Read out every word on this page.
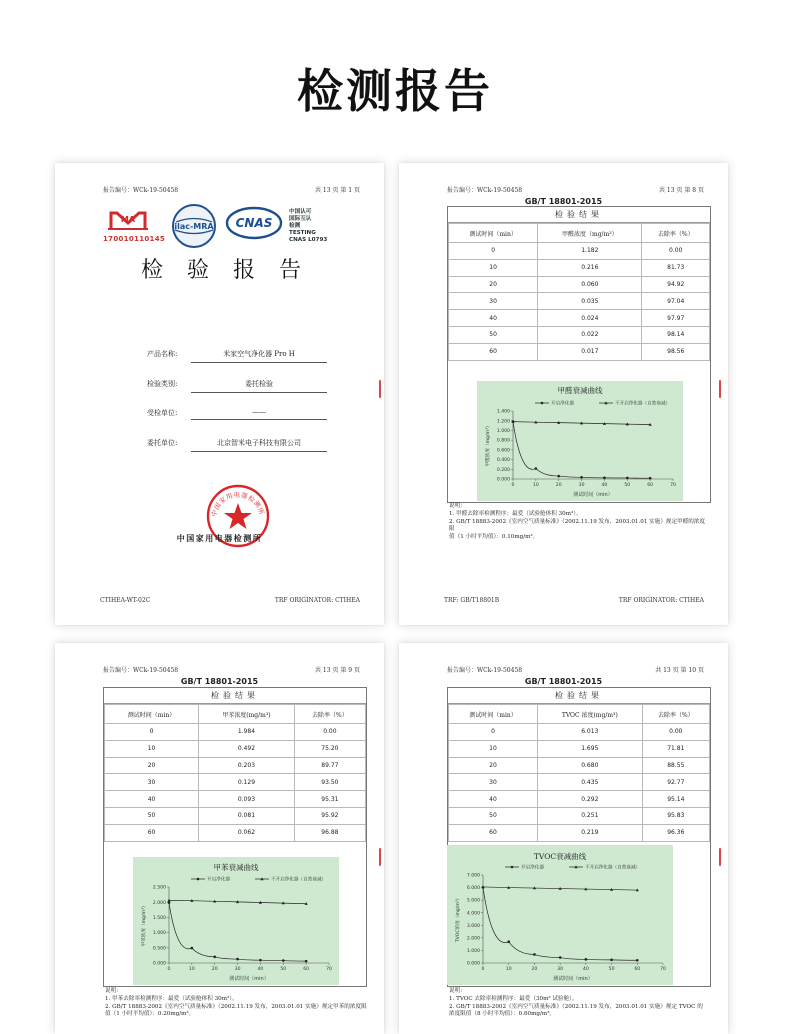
检测报告
报告编号：WCk-19-50458	共 13 页 第 1 页
MA
170010110145
ilac-MRA CNAS
中国认可
国际互认
检测
TESTING
CNAS L0793
检验报告
产品名称:	米家空气净化器 Pro H
检验类别:	委托检验
受检单位:	——
委托单位:	北京智米电子科技有限公司
中国家用电器检测所
中国家用电器检测所
CTIHEA-WT-02C	TRF ORIGINATOR: CTIHEA
报告编号：WCk-19-50458	共 13 页 第 8 页
GB/T 18801-2015
检验结果
测试时间（min）	甲醛浓度（mg/m³）	去除率（%）
0	1.182	0.00
10	0.216	81.73
20	0.060	94.92
30	0.035	97.04
40	0.024	97.97
50	0.022	98.14
60	0.017	98.56
甲醛衰减曲线
0.000
0.200
0.400
0.600
0.800
1.000
1.200
1.400
0	10	20	30	40	50	60	70
测试时间（min）
甲醛浓度（mg/m³）
开启净化器	不开启净化器（自然衰减）
说明：
1. 甲醛去除率检测程序：最爱（试验舱体积 30m³）。
2. GB/T 18883-2002《室内空气质量标准》（2002.11.19 发布，2003.01.01 实施）规定甲醛的浓度限
值（1 小时平均值）：0.10mg/m³。
TRF: GB/T18801B	TRF ORIGINATOR: CTIHEA
报告编号：WCk-19-50458	共 13 页 第 9 页
GB/T 18801-2015
检验结果
测试时间（min）	甲苯浓度(mg/m³)	去除率（%）
0	1.984	0.00
10	0.492	75.20
20	0.203	89.77
30	0.129	93.50
40	0.093	95.31
50	0.081	95.92
60	0.062	96.88
甲苯衰减曲线
0.000
0.500
1.000
1.500
2.000
2.500
0	10	20	30	40	50	60	70
测试时间（min）
甲苯浓度（mg/m³）
开启净化器	不开启净化器（自然衰减）
说明：
1. 甲苯去除率检测程序：最爱（试验舱体积 30m³）。
2. GB/T 18883-2002《室内空气质量标准》（2002.11.19 发布，2003.01.01 实施）规定甲苯的浓度限
值（1 小时平均值）：0.20mg/m³。
报告编号：WCk-19-50458	共 13 页 第 10 页
GB/T 18801-2015
检验结果
测试时间（min）	TVOC 浓度(mg/m³)	去除率（%）
0	6.013	0.00
10	1.695	71.81
20	0.680	88.55
30	0.435	92.77
40	0.292	95.14
50	0.251	95.83
60	0.219	96.36
TVOC衰减曲线
0.000
1.000
2.000
3.000
4.000
5.000
6.000
7.000
0	10	20	30	40	50	60	70
测试时间（min）
TVOC浓度（mg/m³）
开启净化器	不开启净化器（自然衰减）
说明：
1. TVOC 去除率检测程序：最爱（30m³ 试验舱）。
2. GB/T 18883-2002《室内空气质量标准》（2002.11.19 发布，2003.01.01 实施）规定 TVOC 的
浓度限值（8 小时平均值）：0.60mg/m³。
